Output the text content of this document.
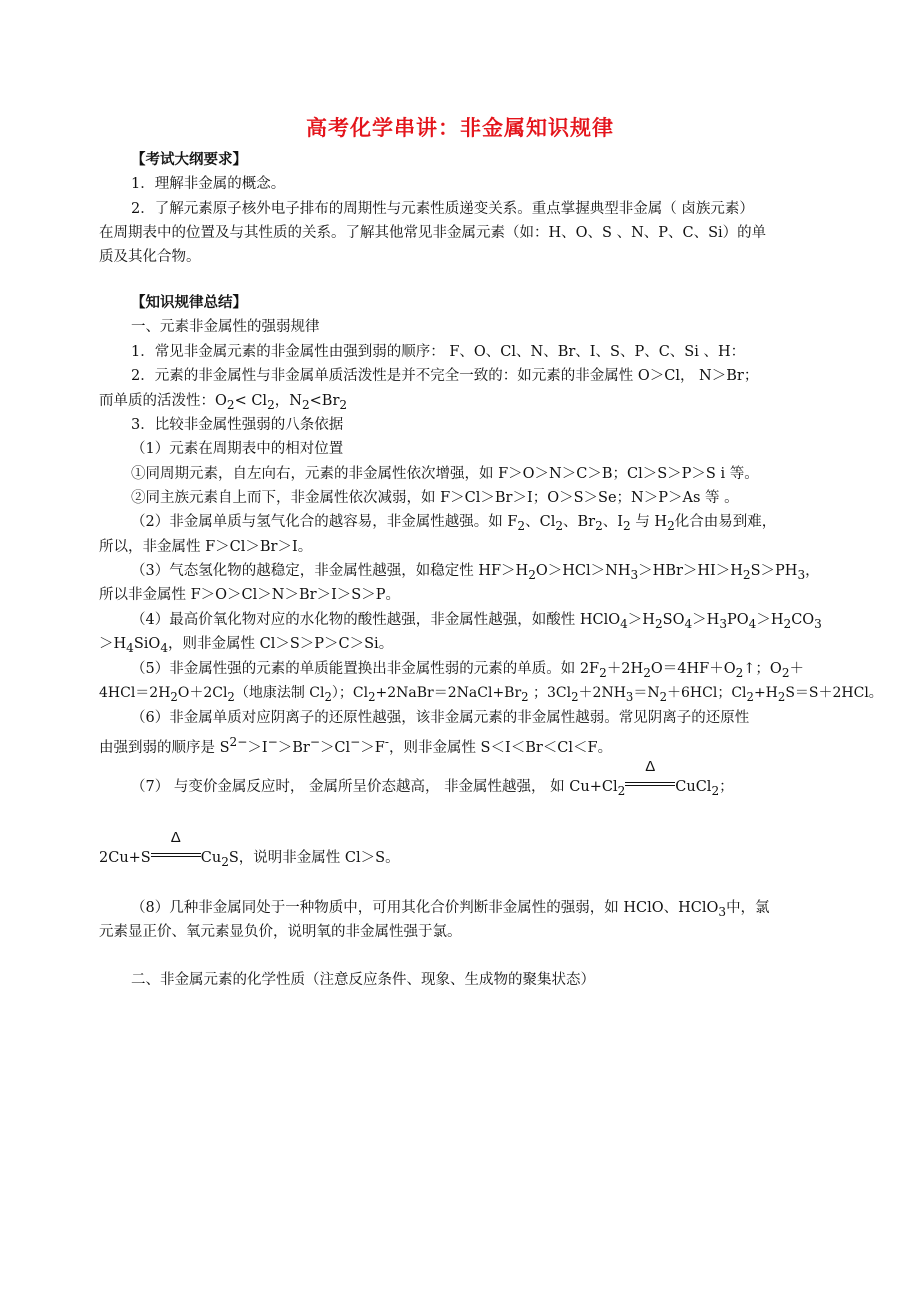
高考化学串讲：非金属知识规律
【考试大纲要求】
1．理解非金属的概念。
2．了解元素原子核外电子排布的周期性与元素性质递变关系。重点掌握典型非金属（ 卤族元素）
在周期表中的位置及与其性质的关系。了解其他常见非金属元素（如：H、O、S 、N、P、C、Si）的单
质及其化合物。
【知识规律总结】
一、元素非金属性的强弱规律
1．常见非金属元素的非金属性由强到弱的顺序： F、O、Cl、N、Br、I、S、P、C、Si 、H：
2．元素的非金属性与非金属单质活泼性是并不完全一致的：如元素的非金属性 O＞Cl， N＞Br；
而单质的活泼性：$O_2< Cl_2$，$N_2<Br_2$
3．比较非金属性强弱的八条依据
（1）元素在周期表中的相对位置
①同周期元素，自左向右，元素的非金属性依次增强，如 F＞O＞N＞C＞B；Cl＞S＞P＞S i 等。
②同主族元素自上而下，非金属性依次减弱，如 F＞Cl＞Br＞I；O＞S＞Se；N＞P＞As 等 。
（2）非金属单质与氢气化合的越容易，非金属性越强。如 $F_2$、$Cl_2$、$Br_2$、$I_2$ 与 $H_2$化合由易到难，
所以，非金属性 F＞Cl＞Br＞I。
（3）气态氢化物的越稳定，非金属性越强，如稳定性 $HF>H_2O>HCl>NH_3>HBr>HI>H_2S>PH_3$，
所以非金属性 F＞O＞Cl＞N＞Br＞I＞S＞P。
（4）最高价氧化物对应的水化物的酸性越强，非金属性越强，如酸性 $HClO_4>H_2SO_4>H_3PO_4>H_2CO_3$
$>H_4SiO_4$，则非金属性 Cl＞S＞P＞C＞Si。
（5）非金属性强的元素的单质能置换出非金属性弱的元素的单质。如 $2F_2+2H_2O=4HF+O_2↑$；$O_2+$
$4HCl=2H_2O+2Cl_2$（地康法制 $Cl_2$）；$Cl_2+2NaBr=2NaCl+Br_2$ ；$3Cl_2+2NH_3=N_2+6HCl$；$Cl_2+H_2S=S+2HCl$。
（6）非金属单质对应阴离子的还原性越强，该非金属元素的非金属性越弱。常见阴离子的还原性
由强到弱的顺序是 $S^{2-}>I^->Br^->Cl^->F^-$，则非金属性 S＜I＜Br＜Cl＜F。
（7） 与变价金属反应时， 金属所呈价态越高， 非金属性越强， 如 $Cu+Cl_2$
Δ
CuCl$_2$；
2Cu+S
Δ
$Cu_2S$，说明非金属性 Cl＞S。
（8）几种非金属同处于一种物质中，可用其化合价判断非金属性的强弱，如 HClO、HClO$_3$中，氯
元素显正价、氧元素显负价，说明氧的非金属性强于氯。
二、非金属元素的化学性质（注意反应条件、现象、生成物的聚集状态）
